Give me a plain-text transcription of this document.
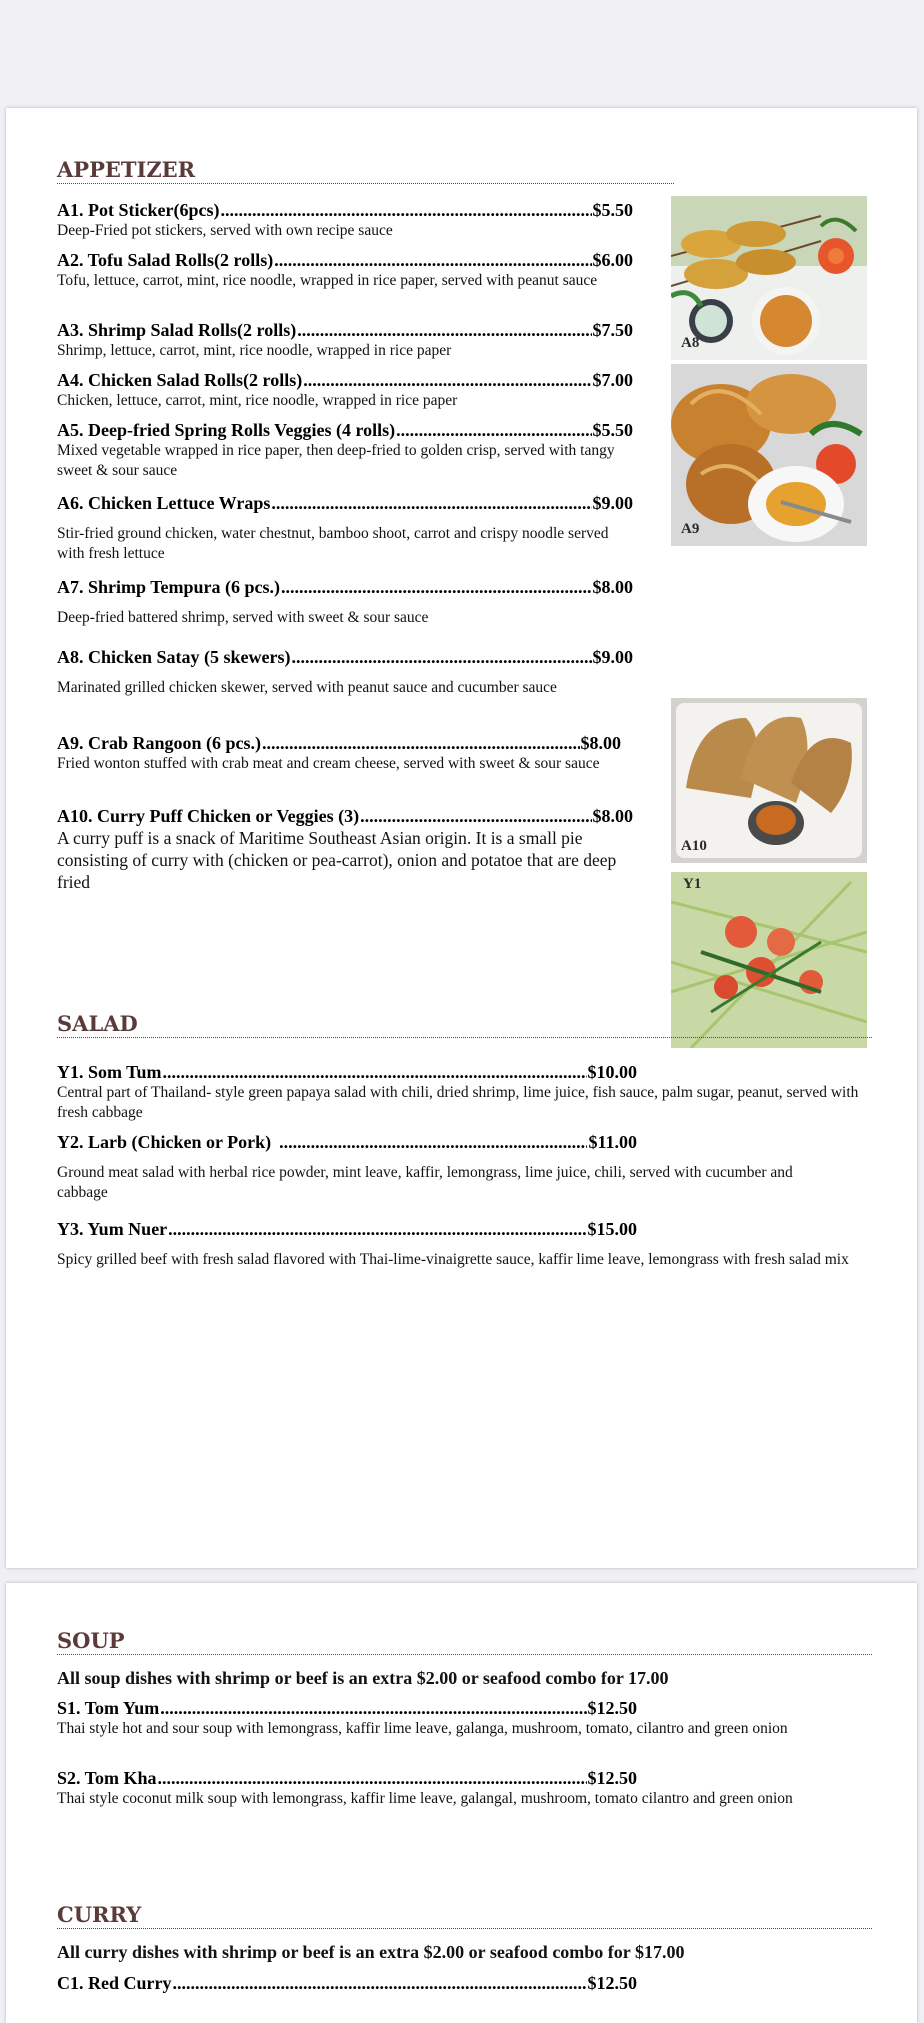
APPETIZER
A1. Pot Sticker(6pcs) .....	$5.50
Deep-Fried pot stickers, served with own recipe sauce
A2. Tofu Salad Rolls(2 rolls) .....	$6.00
Tofu, lettuce, carrot, mint, rice noodle, wrapped in rice paper, served with peanut sauce
A3. Shrimp Salad Rolls(2 rolls) .....	$7.50
Shrimp, lettuce, carrot, mint, rice noodle, wrapped in rice paper
A4. Chicken Salad Rolls(2 rolls) .....	$7.00
Chicken, lettuce, carrot, mint, rice noodle, wrapped in rice paper
A5. Deep-fried Spring Rolls Veggies (4 rolls) .....	$5.50
Mixed vegetable wrapped in rice paper, then deep-fried to golden crisp, served with tangy sweet & sour sauce
A6. Chicken Lettuce Wraps .....	$9.00
Stir-fried ground chicken, water chestnut, bamboo shoot, carrot and crispy noodle served with fresh lettuce
A7. Shrimp Tempura (6 pcs.) .....	$8.00
Deep-fried battered shrimp, served with sweet & sour sauce
A8. Chicken Satay (5 skewers) .....	$9.00
Marinated grilled chicken skewer, served with peanut sauce and cucumber sauce
A9. Crab Rangoon (6 pcs.) .....	$8.00
Fried wonton stuffed with crab meat and cream cheese, served with sweet & sour sauce
A10. Curry Puff Chicken or Veggies (3) .....	$8.00
A curry puff is a snack of Maritime Southeast Asian origin. It is a small pie consisting of curry with (chicken or pea-carrot), onion and potatoe that are deep fried
A8
A9
A10
Y1
SALAD
Y1. Som Tum .....	$10.00
Central part of Thailand- style green papaya salad with chili, dried shrimp, lime juice, fish sauce, palm sugar, peanut, served with fresh cabbage
Y2. Larb (Chicken or Pork) .....	$11.00
Ground meat salad with herbal rice powder, mint leave, kaffir, lemongrass, lime juice, chili, served with cucumber and cabbage
Y3. Yum Nuer .....	$15.00
Spicy grilled beef with fresh salad flavored with Thai-lime-vinaigrette sauce, kaffir lime leave, lemongrass with fresh salad mix
SOUP
All soup dishes with shrimp or beef is an extra $2.00 or seafood combo for 17.00
S1. Tom Yum .....	$12.50
Thai style hot and sour soup with lemongrass, kaffir lime leave, galanga, mushroom, tomato, cilantro and green onion
S2. Tom Kha .....	$12.50
Thai style coconut milk soup with lemongrass, kaffir lime leave, galangal, mushroom, tomato cilantro and green onion
CURRY
All curry dishes with shrimp or beef is an extra $2.00 or seafood combo for $17.00
C1. Red Curry .....	$12.50
